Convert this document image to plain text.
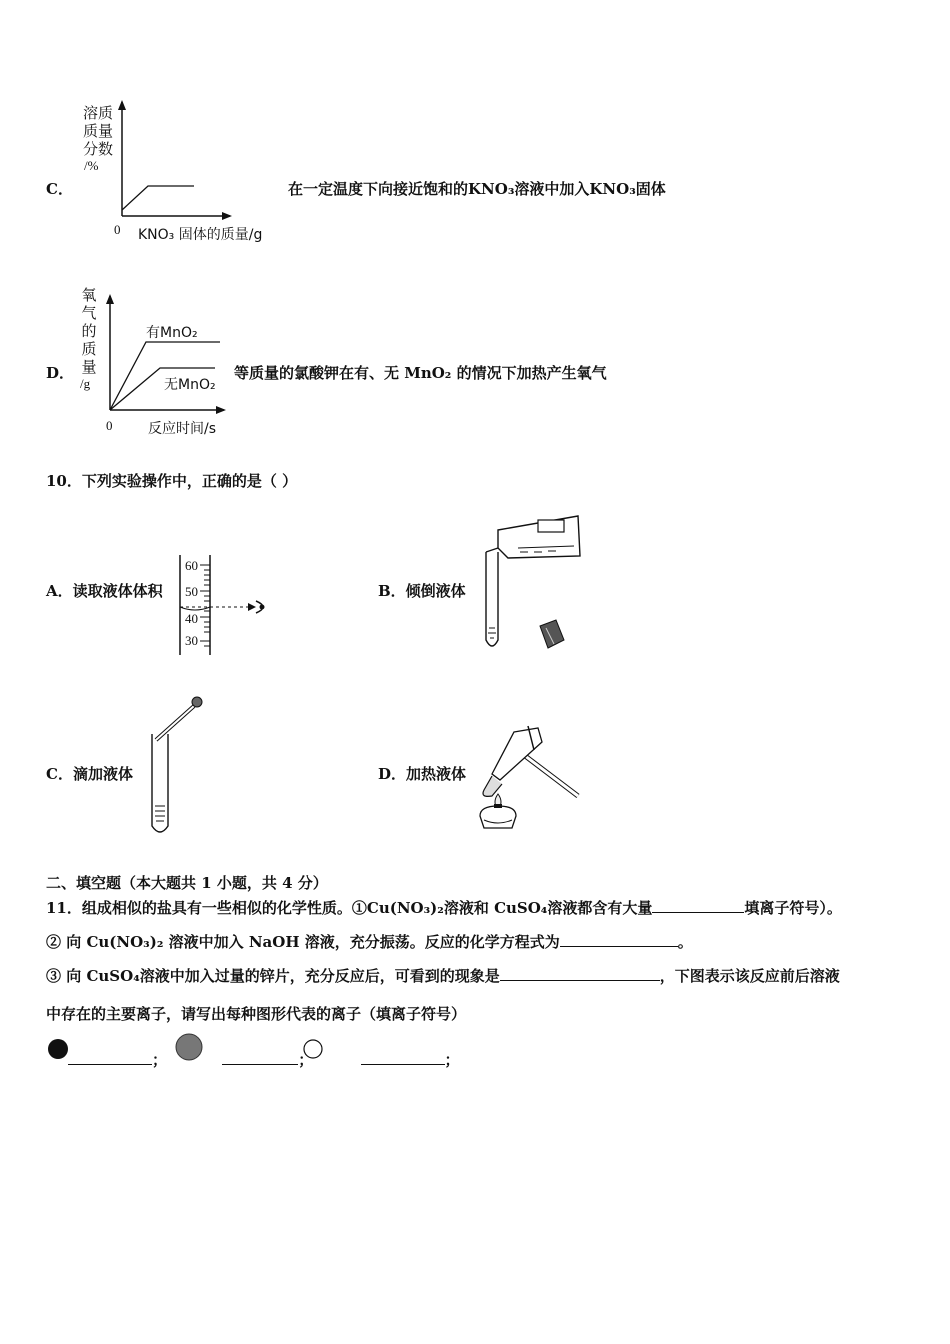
C．
溶质
质量
分数
/%
0 KNO₃ 固体的质量/g
在一定温度下向接近饱和的KNO₃溶液中加入KNO₃固体
D．
氧
气
的
质
量
/g
有MnO₂
无MnO₂
0	反应时间/s
等质量的氯酸钾在有、无 MnO₂ 的情况下加热产生氧气
10．下列实验操作中，正确的是（ ）
A．读取液体体积
60
50
40
30
B．倾倒液体
C．滴加液体	D．加热液体
二、填空题（本大题共 1 小题，共 4 分）
11．组成相似的盐具有一些相似的化学性质。①Cu(NO₃)₂溶液和 CuSO₄溶液都含有大量	填离子符号）。
② 向 Cu(NO₃)₂ 溶液中加入 NaOH 溶液，充分振荡。反应的化学方程式为	。
③ 向 CuSO₄溶液中加入过量的锌片，充分反应后，可看到的现象是	，下图表示该反应前后溶液
中存在的主要离子，请写出每种图形代表的离子（填离子符号）
；	；	；
